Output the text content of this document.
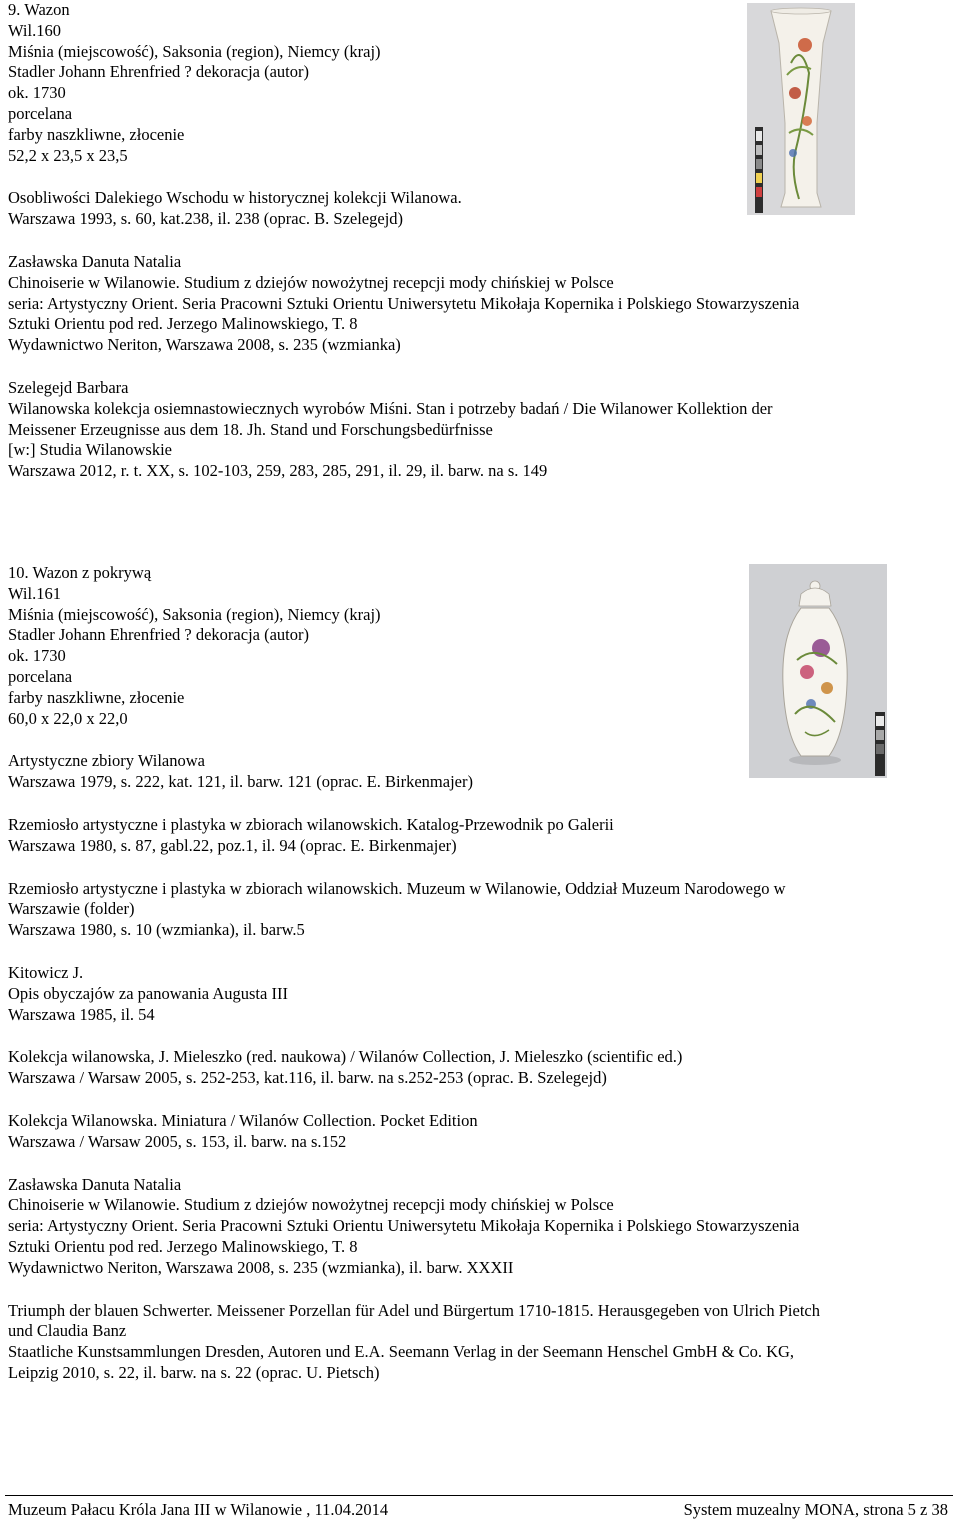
9. Wazon
Wil.160
Miśnia (miejscowość), Saksonia (region), Niemcy (kraj)
Stadler Johann Ehrenfried ? dekoracja (autor)
ok. 1730
porcelana
farby naszkliwne, złocenie
52,2 x 23,5 x 23,5
Osobliwości Dalekiego Wschodu w historycznej kolekcji Wilanowa.
Warszawa 1993, s. 60, kat.238, il. 238 (oprac. B. Szelegejd)
Zasławska Danuta Natalia
Chinoiserie w Wilanowie. Studium z dziejów nowożytnej recepcji mody chińskiej w Polsce
seria: Artystyczny Orient. Seria Pracowni Sztuki Orientu Uniwersytetu Mikołaja Kopernika i Polskiego Stowarzyszenia
Sztuki Orientu pod red. Jerzego Malinowskiego, T. 8
Wydawnictwo Neriton, Warszawa 2008, s. 235 (wzmianka)
Szelegejd Barbara
Wilanowska kolekcja osiemnastowiecznych wyrobów Miśni. Stan i potrzeby badań / Die Wilanower Kollektion der
Meissener Erzeugnisse aus dem 18. Jh. Stand und Forschungsbedürfnisse
[w:] Studia Wilanowskie
Warszawa 2012, r. t. XX, s. 102-103, 259, 283, 285, 291, il. 29, il. barw. na s. 149
10. Wazon z pokrywą
Wil.161
Miśnia (miejscowość), Saksonia (region), Niemcy (kraj)
Stadler Johann Ehrenfried ? dekoracja (autor)
ok. 1730
porcelana
farby naszkliwne, złocenie
60,0 x 22,0 x 22,0
Artystyczne zbiory Wilanowa
Warszawa 1979, s. 222, kat. 121, il. barw. 121 (oprac. E. Birkenmajer)
Rzemiosło artystyczne i plastyka w zbiorach wilanowskich. Katalog-Przewodnik po Galerii
Warszawa 1980, s. 87, gabl.22, poz.1, il. 94 (oprac. E. Birkenmajer)
Rzemiosło artystyczne i plastyka w zbiorach wilanowskich. Muzeum w Wilanowie, Oddział Muzeum Narodowego w
Warszawie (folder)
Warszawa 1980, s. 10 (wzmianka), il. barw.5
Kitowicz J.
Opis obyczajów za panowania Augusta III
Warszawa 1985, il. 54
Kolekcja wilanowska, J. Mieleszko (red. naukowa) / Wilanów Collection, J. Mieleszko (scientific ed.)
Warszawa / Warsaw 2005, s. 252-253, kat.116, il. barw. na s.252-253 (oprac. B. Szelegejd)
Kolekcja Wilanowska. Miniatura / Wilanów Collection. Pocket Edition
Warszawa / Warsaw 2005, s. 153, il. barw. na s.152
Zasławska Danuta Natalia
Chinoiserie w Wilanowie. Studium z dziejów nowożytnej recepcji mody chińskiej w Polsce
seria: Artystyczny Orient. Seria Pracowni Sztuki Orientu Uniwersytetu Mikołaja Kopernika i Polskiego Stowarzyszenia
Sztuki Orientu pod red. Jerzego Malinowskiego, T. 8
Wydawnictwo Neriton, Warszawa 2008, s. 235 (wzmianka), il. barw. XXXII
Triumph der blauen Schwerter. Meissener Porzellan für Adel und Bürgertum 1710-1815. Herausgegeben von Ulrich Pietch
und Claudia Banz
Staatliche Kunstsammlungen Dresden, Autoren und E.A. Seemann Verlag in der Seemann Henschel GmbH & Co. KG,
Leipzig 2010, s. 22, il. barw. na s. 22 (oprac. U. Pietsch)
Muzeum Pałacu Króla Jana III w Wilanowie , 11.04.2014	System muzealny MONA, strona 5 z 38
